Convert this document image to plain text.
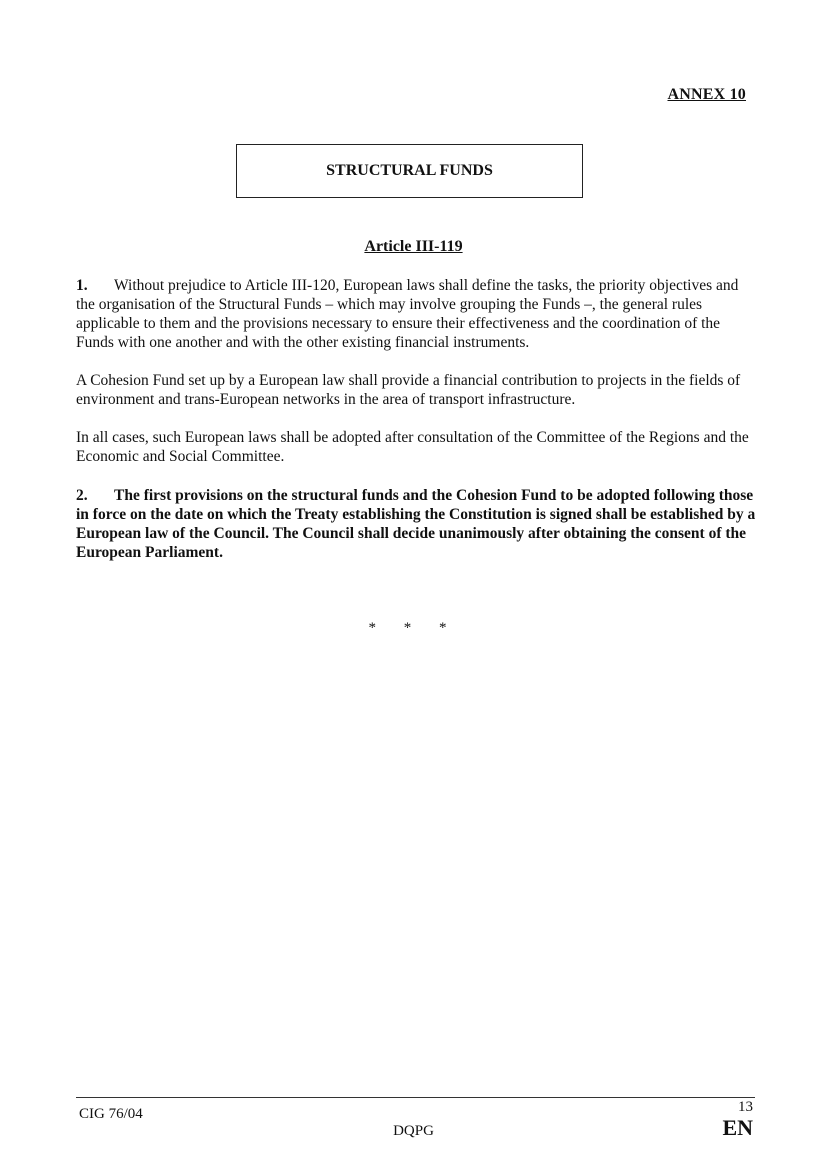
ANNEX 10
STRUCTURAL FUNDS
Article III-119

1. Without prejudice to Article III-120, European laws shall define the tasks, the priority objectives and the organisation of the Structural Funds – which may involve grouping the Funds –, the general rules applicable to them and the provisions necessary to ensure their effectiveness and the coordination of the Funds with one another and with the other existing financial instruments.

A Cohesion Fund set up by a European law shall provide a financial contribution to projects in the fields of environment and trans-European networks in the area of transport infrastructure.

In all cases, such European laws shall be adopted after consultation of the Committee of the Regions and the Economic and Social Committee.

2. The first provisions on the structural funds and the Cohesion Fund to be adopted following those in force on the date on which the Treaty establishing the Constitution is signed shall be established by a European law of the Council. The Council shall decide unanimously after obtaining the consent of the European Parliament.

* * *
CIG 76/04
DQPG
13
EN
